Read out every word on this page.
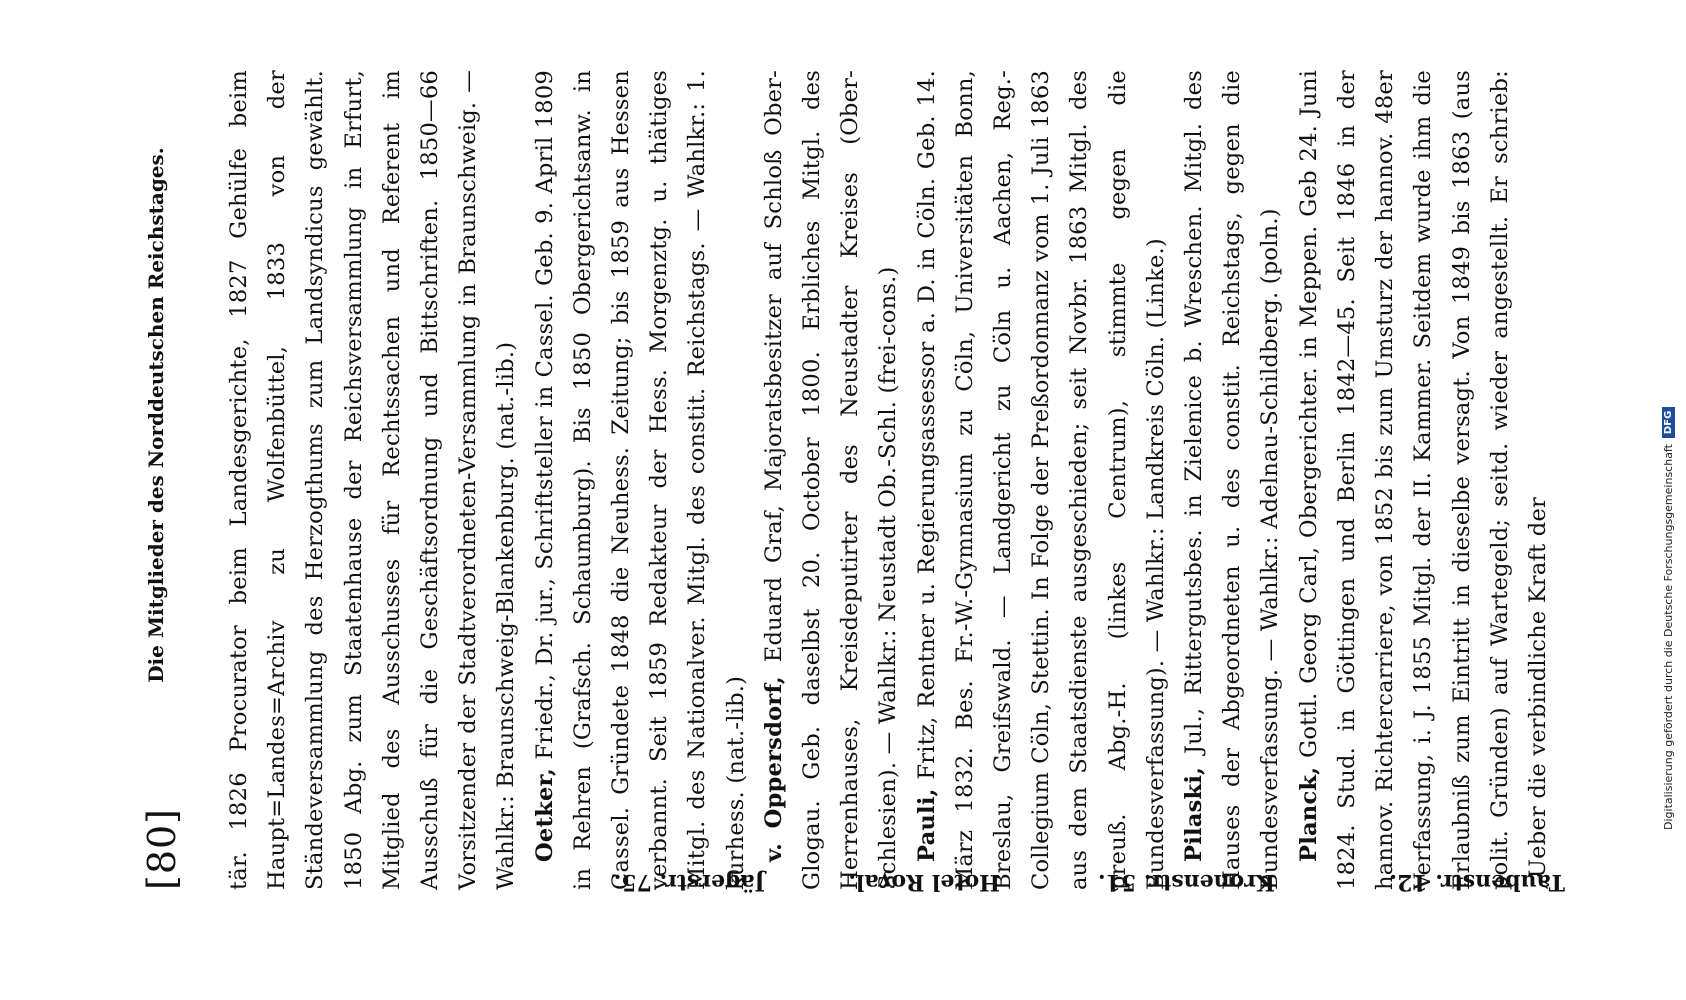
[80]
Die Mitglieder des Norddeutschen Reichstages.	tär. 1826 Procurator beim Landesgerichte, 1827 Gehülfe beim Haupt=Landes=Archiv zu Wolfenbüttel, 1833 von der Ständeversammlung des Herzogthums zum Landsyndicus gewählt. 1850 Abg. zum Staatenhause der Reichsversammlung in Erfurt, Mitglied des Ausschusses für Rechtssachen und Referent im Ausschuß für die Geschäftsordnung und Bittschriften. 1850—66 Vorsitzender der Stadtverordneten-Versammlung in Braunschweig. — Wahlkr.: Braunschweig-Blankenburg. (nat.-lib.) Oetker, Friedr., Dr. jur., Schriftsteller in Cassel. Geb. 9. April 1809 in Rehren (Grafsch. Schaumburg). Bis 1850 Obergerichtsanw. in Cassel. Gründete 1848 die Neuhess. Zeitung; bis 1859 aus Hessen verbannt. Seit 1859 Redakteur der Hess. Morgenztg. u. thätiges Mitgl. des Nationalver. Mitgl. des constit. Reichstags. — Wahlkr.: 1. kurhess. (nat.-lib.) v. Oppersdorf, Eduard Graf, Majoratsbesitzer auf Schloß Ober-Glogau. Geb. daselbst 20. October 1800. Erbliches Mitgl. des Herrenhauses, Kreisdeputirter des Neustadter Kreises (Ober-Schlesien). — Wahlkr.: Neustadt Ob.-Schl. (frei-cons.) Pauli, Fritz, Rentner u. Regierungsassessor a. D. in Cöln. Geb. 14. März 1832. Bes. Fr.-W.-Gymnasium zu Cöln, Universitäten Bonn, Breslau, Greifswald. — Landgericht zu Cöln u. Aachen, Reg.-Collegium Cöln, Stettin. In Folge der Preßordonnanz vom 1. Juli 1863 aus dem Staatsdienste ausgeschieden; seit Novbr. 1863 Mitgl. des preuß. Abg.-H. (linkes Centrum), stimmte gegen die Bundesverfassung). — Wahlkr.: Landkreis Cöln. (Linke.) Pilaski, Jul., Rittergutsbes. in Zielenice b. Wreschen. Mitgl. des Hauses der Abgeordneten u. des constit. Reichstags, gegen die Bundesverfassung. — Wahlkr.: Adelnau-Schildberg. (poln.) Planck, Gottl. Georg Carl, Obergerichter. in Meppen. Geb 24. Juni 1824. Stud. in Göttingen und Berlin 1842—45. Seit 1846 in der hannov. Richtercarriere, von 1852 bis zum Umsturz der hannov. 48er Verfassung, i. J. 1855 Mitgl. der II. Kammer. Seitdem wurde ihm die Erlaubniß zum Eintritt in dieselbe versagt. Von 1849 bis 1863 (aus polit. Gründen) auf Wartegeld; seitd. wieder angestellt. Er schrieb: „Ueber die verbindliche Kraft der

Taubenstr. 12.
Kronenstr. 51.
Hotel Royal.
Jägerstr. 75.
Digitalisierung gefördert durch die Deutsche Forschungsgemeinschaft
DFG
